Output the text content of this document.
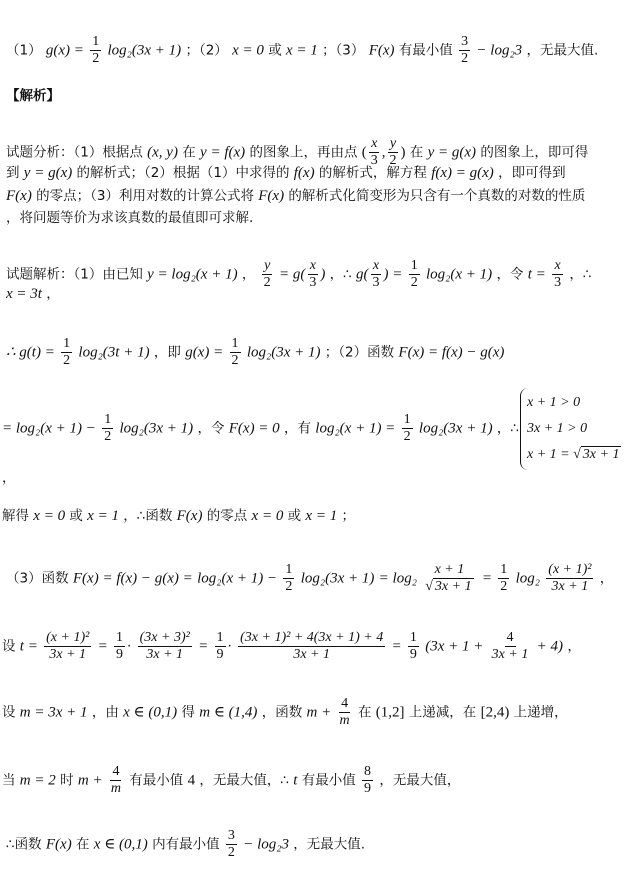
（1） $g(x) = \frac{1}{2} \log_2(3x + 1)$ ；（2） x = 0 或 x = 1 ；（3） F(x) 有最小值 $\frac{3}{2} - \log_23$ ，无最大值.
【解析】
试题分析：（1）根据点 (x, y) 在 y = f(x) 的图象上，再由点 ( $\frac{x}{3}$ , $\frac{y}{2}$ ) 在 y = g(x) 的图象上，即可得
到 y = g(x) 的解析式；（2）根据（1）中求得的 f(x) 的解析式，解方程 f(x) = g(x) ，即可得到
F(x) 的零点；（3）利用对数的计算公式将 F(x) 的解析式化简变形为只含有一个真数的对数的性质
，将问题等价为求该真数的最值即可求解.
试题解析：（1）由已知 y = log₂(x + 1) ， $\frac{y}{2} = g( \frac{x}{3}$ ) ，∴ $g( \frac{x}{3}$ ) = $\frac{1}{2} \log_2(x + 1)$ ，令 $t = \frac{x}{3}$ ，∴
x = 3t ，
∴ $g(t) = \frac{1}{2} \log_2(3t + 1)$ ，即 $g(x) = \frac{1}{2} \log_2(3x + 1)$ ；（2）函数 F(x) = f(x) − g(x)
= $\log_2(x + 1) - \frac{1}{2} \log_2(3x + 1)$ ，令 F(x) = 0 ，有 $\log_2(x + 1) = \frac{1}{2} \log_2(3x + 1)$ ，∴
x + 1 > 0
3x + 1 > 0
x + 1 = √ 3x + 1
，
解得 x = 0 或 x = 1 ，∴函数 F(x) 的零点 x = 0 或 x = 1 ；
（3）函数 $F(x) = f(x) - g(x) = \log_2(x + 1) - \frac{1}{2} \log_2(3x + 1) = \log_2 \frac{x + 1}{√ 3x + 1} = \frac{1}{2} \log_2 \frac{\text{(x + 1)²}}{3x + 1}$ ，
设 $t = \frac{\text{(x + 1)²}}{3x + 1} = \frac{1}{9} \cdot \frac{\text{(3x + 3)²}}{3x + 1} = \frac{1}{9} \cdot \frac{\text{(3x + 1)² + 4(3x + 1) + 4}}{3x + 1} = \frac{1}{9} (3x + 1 + \frac{4}{3x + 1} + 4)$ ，
设 m = 3x + 1 ，由 x ∈ (0,1) 得 m ∈ (1,4) ，函数 $m + \frac{4}{m}$ 在 (1,2] 上递减，在 [2,4) 上递增，
当 m = 2 时 $m + \frac{4}{m}$ 有最小值 4 ，无最大值，∴ t 有最小值 $\frac{8}{9}$ ，无最大值，
∴函数 F(x) 在 x ∈ (0,1) 内有最小值 $\frac{3}{2} - \log_23$ ，无最大值.
